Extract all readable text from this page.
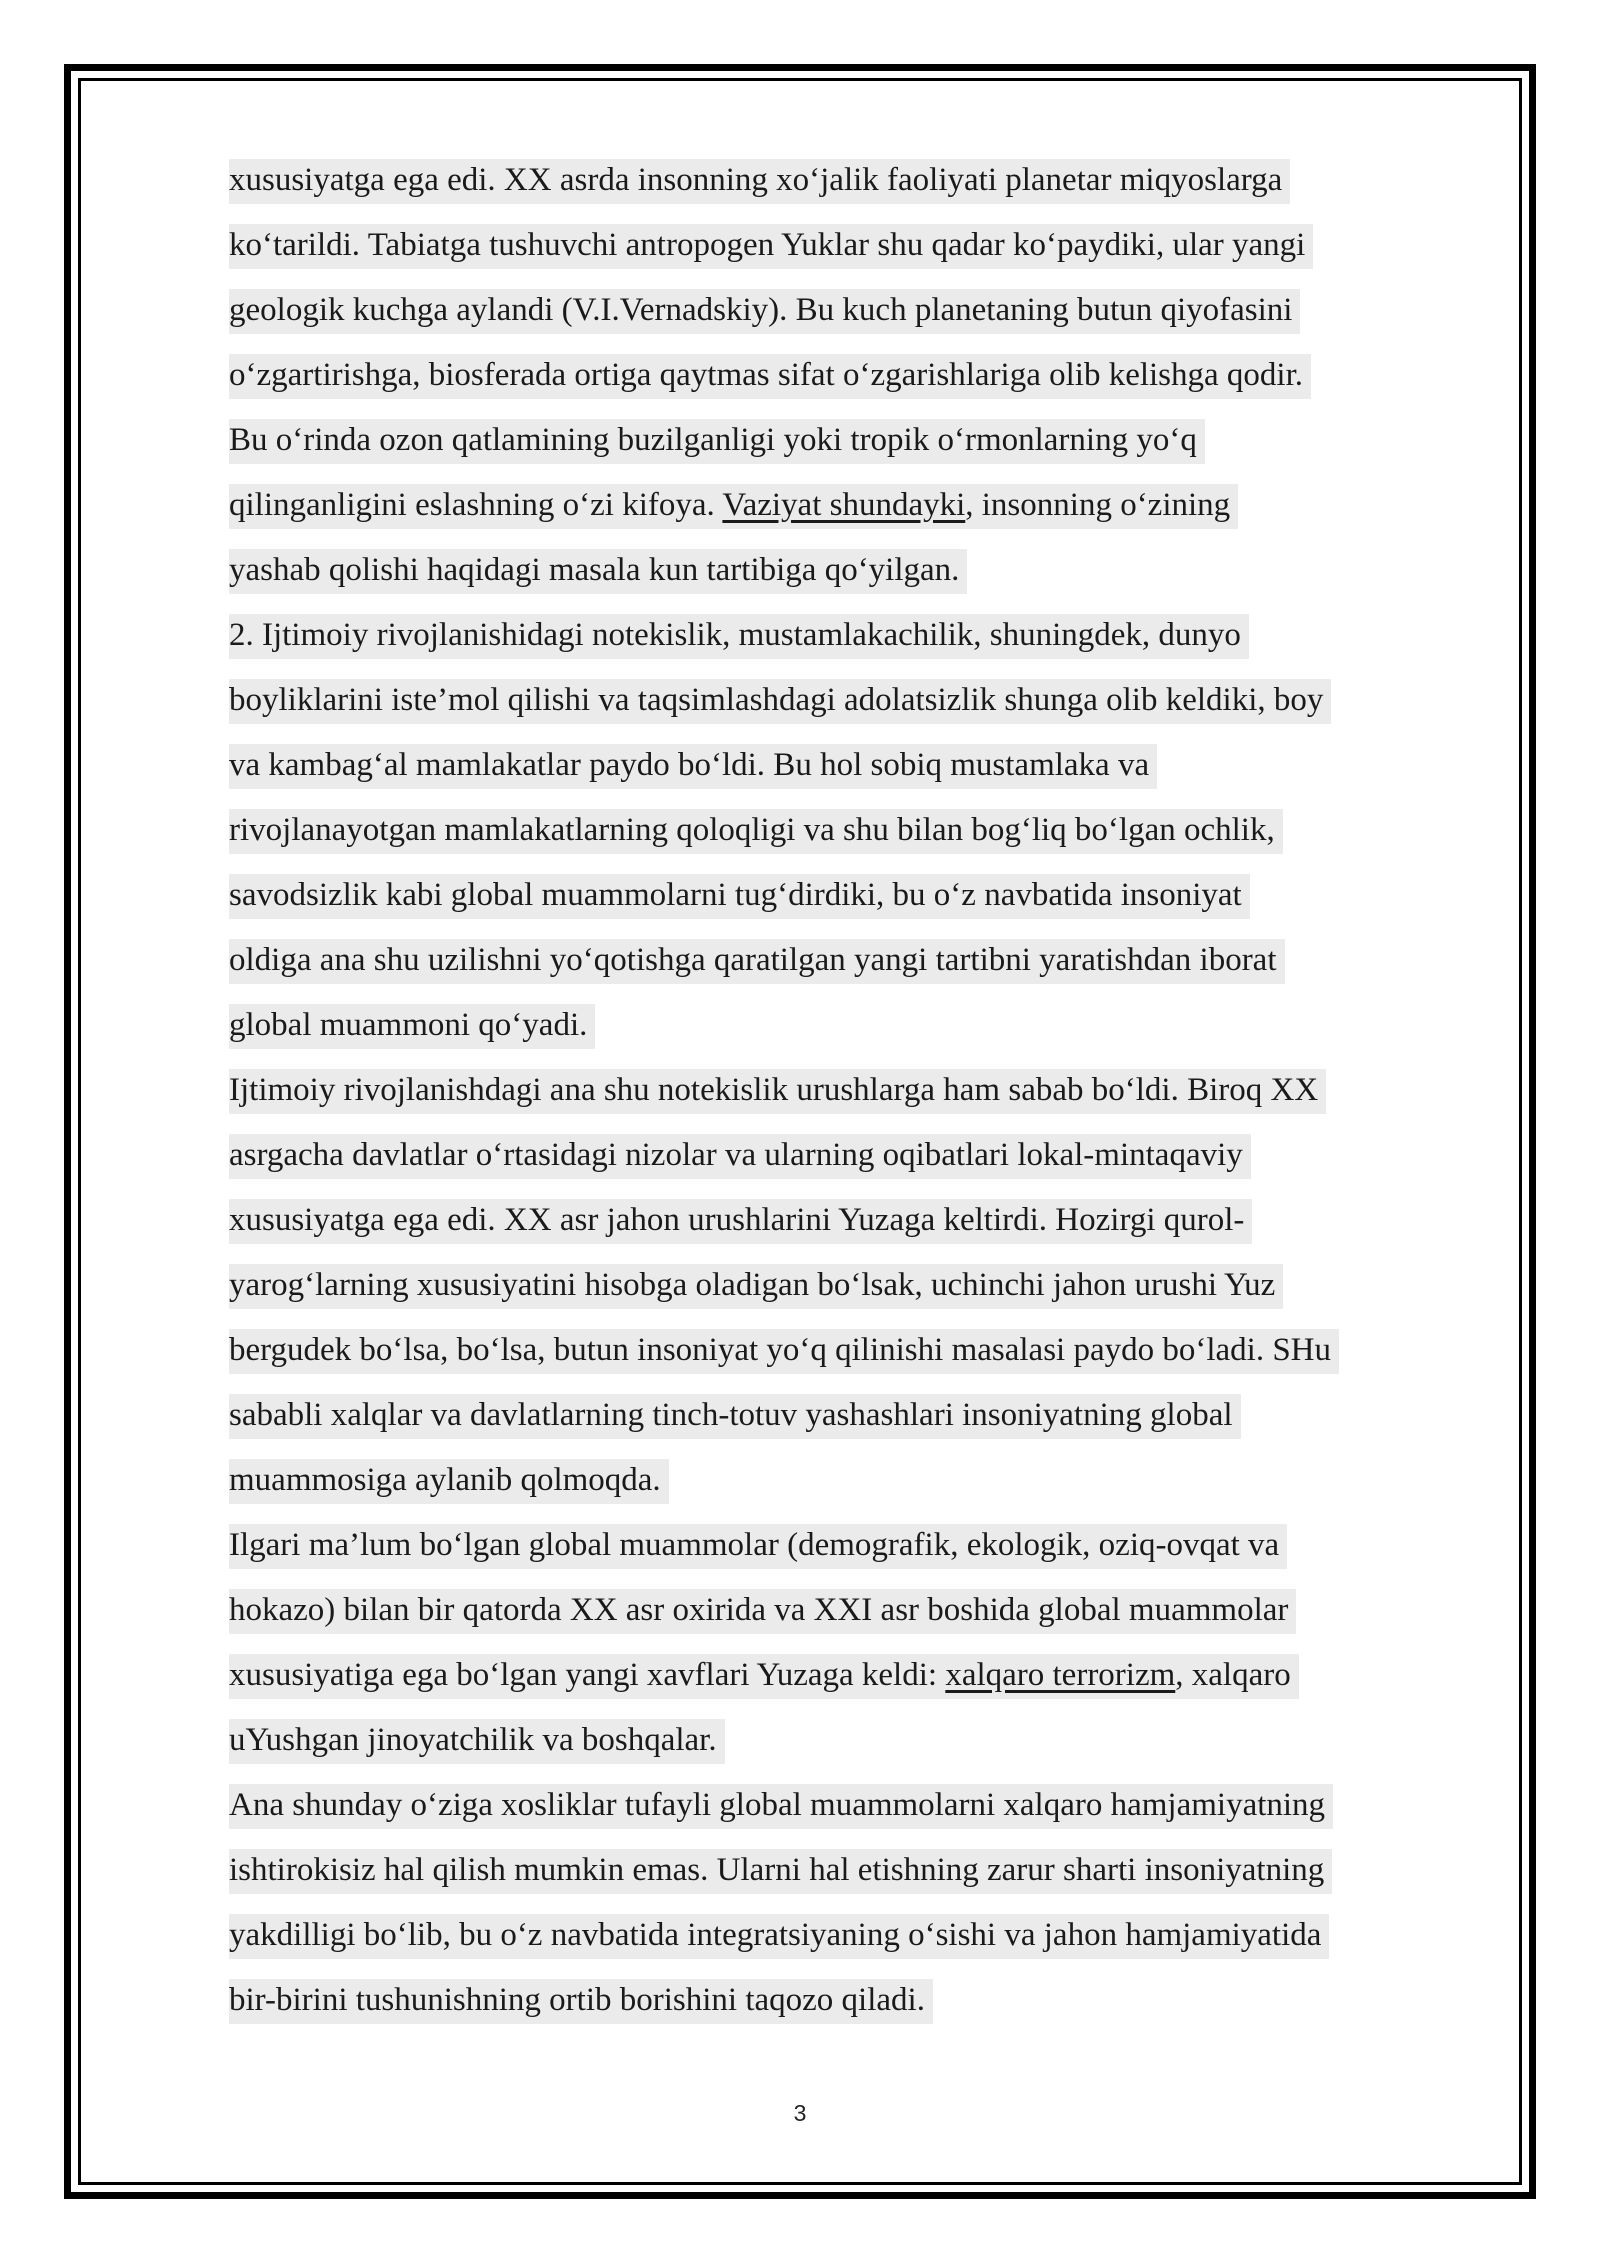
xususiyatga ega edi. XX asrda insonning xo‘jalik faoliyati planetar miqyoslarga
ko‘tarildi. Tabiatga tushuvchi antropogen Yuklar shu qadar ko‘paydiki, ular yangi
geologik kuchga aylandi (V.I.Vernadskiy). Bu kuch planetaning butun qiyofasini
o‘zgartirishga, biosferada ortiga qaytmas sifat o‘zgarishlariga olib kelishga qodir.
Bu o‘rinda ozon qatlamining buzilganligi yoki tropik o‘rmonlarning yo‘q
qilinganligini eslashning o‘zi kifoya. Vaziyat shundayki, insonning o‘zining
yashab qolishi haqidagi masala kun tartibiga qo‘yilgan.
2. Ijtimoiy rivojlanishidagi notekislik, mustamlakachilik, shuningdek, dunyo
boyliklarini iste’mol qilishi va taqsimlashdagi adolatsizlik shunga olib keldiki, boy
va kambag‘al mamlakatlar paydo bo‘ldi. Bu hol sobiq mustamlaka va
rivojlanayotgan mamlakatlarning qoloqligi va shu bilan bog‘liq bo‘lgan ochlik,
savodsizlik kabi global muammolarni tug‘dirdiki, bu o‘z navbatida insoniyat
oldiga ana shu uzilishni yo‘qotishga qaratilgan yangi tartibni yaratishdan iborat
global muammoni qo‘yadi.
Ijtimoiy rivojlanishdagi ana shu notekislik urushlarga ham sabab bo‘ldi. Biroq XX
asrgacha davlatlar o‘rtasidagi nizolar va ularning oqibatlari lokal-mintaqaviy
xususiyatga ega edi. XX asr jahon urushlarini Yuzaga keltirdi. Hozirgi qurol-
yarog‘larning xususiyatini hisobga oladigan bo‘lsak, uchinchi jahon urushi Yuz
bergudek bo‘lsa, bo‘lsa, butun insoniyat yo‘q qilinishi masalasi paydo bo‘ladi. SHu
sababli xalqlar va davlatlarning tinch-totuv yashashlari insoniyatning global
muammosiga aylanib qolmoqda.
Ilgari ma’lum bo‘lgan global muammolar (demografik, ekologik, oziq-ovqat va
hokazo) bilan bir qatorda XX asr oxirida va XXI asr boshida global muammolar
xususiyatiga ega bo‘lgan yangi xavflari Yuzaga keldi: xalqaro terrorizm, xalqaro
uYushgan jinoyatchilik va boshqalar.
Ana shunday o‘ziga xosliklar tufayli global muammolarni xalqaro hamjamiyatning
ishtirokisiz hal qilish mumkin emas. Ularni hal etishning zarur sharti insoniyatning
yakdilligi bo‘lib, bu o‘z navbatida integratsiyaning o‘sishi va jahon hamjamiyatida
bir-birini tushunishning ortib borishini taqozo qiladi.
3
